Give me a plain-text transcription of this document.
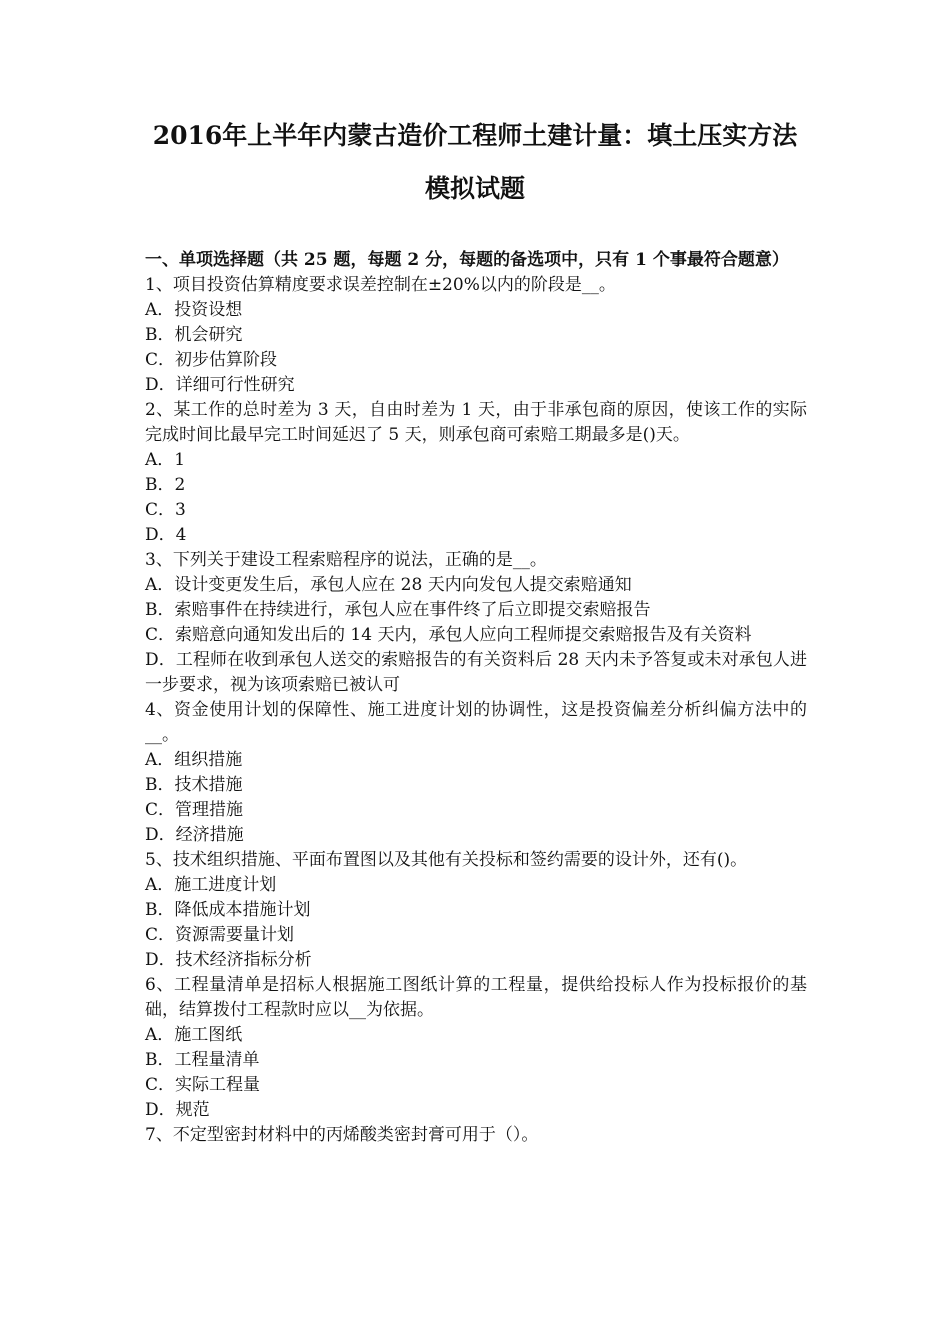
2016年上半年内蒙古造价工程师土建计量：填土压实方法
模拟试题
一、单项选择题（共 25 题，每题 2 分，每题的备选项中，只有 1 个事最符合题意）
1、项目投资估算精度要求误差控制在±20%以内的阶段是__。
A．投资设想
B．机会研究
C．初步估算阶段
D．详细可行性研究
2、某工作的总时差为 3 天，自由时差为 1 天，由于非承包商的原因，使该工作的实际完成时间比最早完工时间延迟了 5 天，则承包商可索赔工期最多是()天。
A．1
B．2
C．3
D．4
3、下列关于建设工程索赔程序的说法，正确的是__。
A．设计变更发生后，承包人应在 28 天内向发包人提交索赔通知
B．索赔事件在持续进行，承包人应在事件终了后立即提交索赔报告
C．索赔意向通知发出后的 14 天内，承包人应向工程师提交索赔报告及有关资料
D．工程师在收到承包人送交的索赔报告的有关资料后 28 天内未予答复或未对承包人进一步要求，视为该项索赔已被认可
4、资金使用计划的保障性、施工进度计划的协调性，这是投资偏差分析纠偏方法中的__。
A．组织措施
B．技术措施
C．管理措施
D．经济措施
5、技术组织措施、平面布置图以及其他有关投标和签约需要的设计外，还有()。
A．施工进度计划
B．降低成本措施计划
C．资源需要量计划
D．技术经济指标分析
6、工程量清单是招标人根据施工图纸计算的工程量，提供给投标人作为投标报价的基础，结算拨付工程款时应以__为依据。
A．施工图纸
B．工程量清单
C．实际工程量
D．规范
7、不定型密封材料中的丙烯酸类密封膏可用于（）。
